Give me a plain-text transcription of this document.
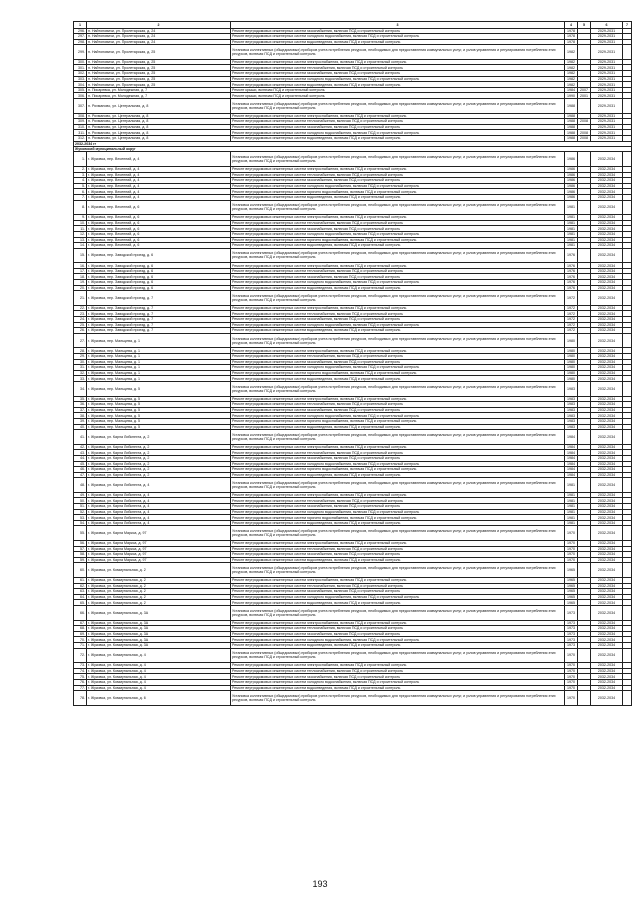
1	2	3	4	5	6	7
296.	п. Найтоповичи, ул. Пролетарская, д. 24	Ремонт внутридомовых инженерных систем газоснабжения, включая ПСД и строительный контроль	1978		2029-2031	
297.	п. Найтоповичи, ул. Пролетарская, д. 24	Ремонт внутридомовых инженерных систем холодного водоснабжения, включая ПСД и строительный контроль	1978		2029-2031	
298.	п. Найтоповичи, ул. Пролетарская, д. 24	Ремонт внутридомовых инженерных систем водоотведения, включая ПСД и строительный контроль	1978		2029-2031	
299.	п. Найтоповичи, ул. Пролетарская, д. 25	Установка коллективных (общедомовых) приборов учета потребления ресурсов, необходимых для предоставления коммунальных услуг, и узлов управления и регулирования потребления этих ресурсов, включая ПСД и строительный контроль	1982		2029-2031	
300.	п. Найтоповичи, ул. Пролетарская, д. 25	Ремонт внутридомовых инженерных систем электроснабжения, включая ПСД и строительный контроль	1982		2029-2031	
301.	п. Найтоповичи, ул. Пролетарская, д. 25	Ремонт внутридомовых инженерных систем теплоснабжения, включая ПСД и строительный контроль	1982		2029-2031	
302.	п. Найтоповичи, ул. Пролетарская, д. 25	Ремонт внутридомовых инженерных систем газоснабжения, включая ПСД и строительный контроль	1982		2029-2031	
303.	п. Найтоповичи, ул. Пролетарская, д. 25	Ремонт внутридомовых инженерных систем холодного водоснабжения, включая ПСД и строительный контроль	1982		2029-2031	
304.	п. Найтоповичи, ул. Пролетарская, д. 25	Ремонт внутридомовых инженерных систем водоотведения, включая ПСД и строительный контроль	1982		2029-2031	
305.	п. Писаревка, ул. Молодежная, д. 7	Ремонт крыши, включая ПСД и строительный контроль	1984	2007	2029-2031	
306.	п. Писаревка, ул. Молодежная, д. 7	Ремонт крыши, включая ПСД и строительный контроль	1990	2001	2029-2031	
307.	п. Рохманово, ул. Центральная, д. 8	Установка коллективных (общедомовых) приборов учета потребления ресурсов, необходимых для предоставления коммунальных услуг, и узлов управления и регулирования потребления этих ресурсов, включая ПСД и строительный контроль	1988		2029-2031	
308.	п. Рохманово, ул. Центральная, д. 8	Ремонт внутридомовых инженерных систем электроснабжения, включая ПСД и строительный контроль	1988		2029-2031	
309.	п. Рохманово, ул. Центральная, д. 8	Ремонт внутридомовых инженерных систем теплоснабжения, включая ПСД и строительный контроль	1988	2008	2029-2031	
310.	п. Рохманово, ул. Центральная, д. 8	Ремонт внутридомовых инженерных систем газоснабжения, включая ПСД и строительный контроль	1988		2029-2031	
311.	п. Рохманово, ул. Центральная, д. 8	Ремонт внутридомовых инженерных систем холодного водоснабжения, включая ПСД и строительный контроль	1988	2008	2029-2031	
312.	п. Рохманово, ул. Центральная, д. 8	Ремонт внутридомовых инженерных систем водоотведения, включая ПСД и строительный контроль	1988	2008	2029-2031	
2032-2034 гг						
Жуковский муниципальный округ						
1.	г. Жуковка, пер. Весенний, д. 4	Установка коллективных (общедомовых) приборов учета потребления ресурсов, необходимых для предоставления коммунальных услуг, и узлов управления и регулирования потребления этих ресурсов, включая ПСД и строительный контроль	1986		2032-2034	
2.	г. Жуковка, пер. Весенний, д. 4	Ремонт внутридомовых инженерных систем электроснабжения, включая ПСД и строительный контроль	1986		2032-2034	
3.	г. Жуковка, пер. Весенний, д. 4	Ремонт внутридомовых инженерных систем теплоснабжения, включая ПСД и строительный контроль	1986		2032-2034	
4.	г. Жуковка, пер. Весенний, д. 4	Ремонт внутридомовых инженерных систем газоснабжения, включая ПСД и строительный контроль	1986		2032-2034	
5.	г. Жуковка, пер. Весенний, д. 4	Ремонт внутридомовых инженерных систем холодного водоснабжения, включая ПСД и строительный контроль	1986		2032-2034	
6.	г. Жуковка, пер. Весенний, д. 4	Ремонт внутридомовых инженерных систем горячего водоснабжения, включая ПСД и строительный контроль	1986		2032-2034	
7.	г. Жуковка, пер. Весенний, д. 4	Ремонт внутридомовых инженерных систем водоотведения, включая ПСД и строительный контроль	1986		2032-2034	
8.	г. Жуковка, пер. Весенний, д. 6	Установка коллективных (общедомовых) приборов учета потребления ресурсов, необходимых для предоставления коммунальных услуг, и узлов управления и регулирования потребления этих ресурсов, включая ПСД и строительный контроль	1981		2032-2034	
9.	г. Жуковка, пер. Весенний, д. 6	Ремонт внутридомовых инженерных систем электроснабжения, включая ПСД и строительный контроль	1981		2032-2034	
10.	г. Жуковка, пер. Весенний, д. 6	Ремонт внутридомовых инженерных систем теплоснабжения, включая ПСД и строительный контроль	1981		2032-2034	
11.	г. Жуковка, пер. Весенний, д. 6	Ремонт внутридомовых инженерных систем газоснабжения, включая ПСД и строительный контроль	1981		2032-2034	
12.	г. Жуковка, пер. Весенний, д. 6	Ремонт внутридомовых инженерных систем холодного водоснабжения, включая ПСД и строительный контроль	1981		2032-2034	
13.	г. Жуковка, пер. Весенний, д. 6	Ремонт внутридомовых инженерных систем горячего водоснабжения, включая ПСД и строительный контроль	1981		2032-2034	
14.	г. Жуковка, пер. Весенний, д. 6	Ремонт внутридомовых инженерных систем водоотведения, включая ПСД и строительный контроль	1981		2032-2034	
15.	г. Жуковка, пер. Заводской проезд, д. 6	Установка коллективных (общедомовых) приборов учета потребления ресурсов, необходимых для предоставления коммунальных услуг, и узлов управления и регулирования потребления этих ресурсов, включая ПСД и строительный контроль	1976		2032-2034	
16.	г. Жуковка, пер. Заводской проезд, д. 6	Ремонт внутридомовых инженерных систем электроснабжения, включая ПСД и строительный контроль	1976		2032-2034	
17.	г. Жуковка, пер. Заводской проезд, д. 6	Ремонт внутридомовых инженерных систем теплоснабжения, включая ПСД и строительный контроль	1976		2032-2034	
18.	г. Жуковка, пер. Заводской проезд, д. 6	Ремонт внутридомовых инженерных систем газоснабжения, включая ПСД и строительный контроль	1976		2032-2034	
19.	г. Жуковка, пер. Заводской проезд, д. 6	Ремонт внутридомовых инженерных систем холодного водоснабжения, включая ПСД и строительный контроль	1976		2032-2034	
20.	г. Жуковка, пер. Заводской проезд, д. 6	Ремонт внутридомовых инженерных систем водоотведения, включая ПСД и строительный контроль	1976		2032-2034	
21.	г. Жуковка, пер. Заводской проезд, д. 7	Установка коллективных (общедомовых) приборов учета потребления ресурсов, необходимых для предоставления коммунальных услуг, и узлов управления и регулирования потребления этих ресурсов, включая ПСД и строительный контроль	1972		2032-2034	
22.	г. Жуковка, пер. Заводской проезд, д. 7	Ремонт внутридомовых инженерных систем электроснабжения, включая ПСД и строительный контроль	1972		2032-2034	
23.	г. Жуковка, пер. Заводской проезд, д. 7	Ремонт внутридомовых инженерных систем теплоснабжения, включая ПСД и строительный контроль	1972		2032-2034	
24.	г. Жуковка, пер. Заводской проезд, д. 7	Ремонт внутридомовых инженерных систем газоснабжения, включая ПСД и строительный контроль	1972		2032-2034	
25.	г. Жуковка, пер. Заводской проезд, д. 7	Ремонт внутридомовых инженерных систем холодного водоснабжения, включая ПСД и строительный контроль	1972		2032-2034	
26.	г. Жуковка, пер. Заводской проезд, д. 7	Ремонт внутридомовых инженерных систем водоотведения, включая ПСД и строительный контроль	1972		2032-2034	
27.	г. Жуковка, пер. Мальцева, д. 1	Установка коллективных (общедомовых) приборов учета потребления ресурсов, необходимых для предоставления коммунальных услуг, и узлов управления и регулирования потребления этих ресурсов, включая ПСД и строительный контроль	1980		2032-2034	
28.	г. Жуковка, пер. Мальцева, д. 1	Ремонт внутридомовых инженерных систем электроснабжения, включая ПСД и строительный контроль	1980		2032-2034	
29.	г. Жуковка, пер. Мальцева, д. 1	Ремонт внутридомовых инженерных систем теплоснабжения, включая ПСД и строительный контроль	1980		2032-2034	
30.	г. Жуковка, пер. Мальцева, д. 1	Ремонт внутридомовых инженерных систем газоснабжения, включая ПСД и строительный контроль	1980		2032-2034	
31.	г. Жуковка, пер. Мальцева, д. 1	Ремонт внутридомовых инженерных систем холодного водоснабжения, включая ПСД и строительный контроль	1980		2032-2034	
32.	г. Жуковка, пер. Мальцева, д. 1	Ремонт внутридомовых инженерных систем горячего водоснабжения, включая ПСД и строительный контроль	1980		2032-2034	
33.	г. Жуковка, пер. Мальцева, д. 1	Ремонт внутридомовых инженерных систем водоотведения, включая ПСД и строительный контроль	1980		2032-2034	
34.	г. Жуковка, пер. Мальцева, д. 5	Установка коллективных (общедомовых) приборов учета потребления ресурсов, необходимых для предоставления коммунальных услуг, и узлов управления и регулирования потребления этих ресурсов, включая ПСД и строительный контроль	1983		2032-2034	
35.	г. Жуковка, пер. Мальцева, д. 5	Ремонт внутридомовых инженерных систем электроснабжения, включая ПСД и строительный контроль	1983		2032-2034	
36.	г. Жуковка, пер. Мальцева, д. 5	Ремонт внутридомовых инженерных систем теплоснабжения, включая ПСД и строительный контроль	1983		2032-2034	
37.	г. Жуковка, пер. Мальцева, д. 5	Ремонт внутридомовых инженерных систем газоснабжения, включая ПСД и строительный контроль	1983		2032-2034	
38.	г. Жуковка, пер. Мальцева, д. 5	Ремонт внутридомовых инженерных систем холодного водоснабжения, включая ПСД и строительный контроль	1983		2032-2034	
39.	г. Жуковка, пер. Мальцева, д. 5	Ремонт внутридомовых инженерных систем горячего водоснабжения, включая ПСД и строительный контроль	1983		2032-2034	
40.	г. Жуковка, пер. Мальцева, д. 5	Ремонт внутридомовых инженерных систем водоотведения, включая ПСД и строительный контроль	1983		2032-2034	
41.	г. Жуковка, ул. Карла Либкнехта, д. 2	Установка коллективных (общедомовых) приборов учета потребления ресурсов, необходимых для предоставления коммунальных услуг, и узлов управления и регулирования потребления этих ресурсов, включая ПСД и строительный контроль	1984		2032-2034	
42.	г. Жуковка, ул. Карла Либкнехта, д. 2	Ремонт внутридомовых инженерных систем электроснабжения, включая ПСД и строительный контроль	1984		2032-2034	
43.	г. Жуковка, ул. Карла Либкнехта, д. 2	Ремонт внутридомовых инженерных систем теплоснабжения, включая ПСД и строительный контроль	1984		2032-2034	
44.	г. Жуковка, ул. Карла Либкнехта, д. 2	Ремонт внутридомовых инженерных систем газоснабжения, включая ПСД и строительный контроль	1984		2032-2034	
45.	г. Жуковка, ул. Карла Либкнехта, д. 2	Ремонт внутридомовых инженерных систем холодного водоснабжения, включая ПСД и строительный контроль	1984		2032-2034	
46.	г. Жуковка, ул. Карла Либкнехта, д. 2	Ремонт внутридомовых инженерных систем горячего водоснабжения, включая ПСД и строительный контроль	1984		2032-2034	
47.	г. Жуковка, ул. Карла Либкнехта, д. 2	Ремонт внутридомовых инженерных систем водоотведения, включая ПСД и строительный контроль	1984		2032-2034	
48.	г. Жуковка, ул. Карла Либкнехта, д. 4	Установка коллективных (общедомовых) приборов учета потребления ресурсов, необходимых для предоставления коммунальных услуг, и узлов управления и регулирования потребления этих ресурсов, включая ПСД и строительный контроль	1981		2032-2034	
49.	г. Жуковка, ул. Карла Либкнехта, д. 4	Ремонт внутридомовых инженерных систем электроснабжения, включая ПСД и строительный контроль	1981		2032-2034	
50.	г. Жуковка, ул. Карла Либкнехта, д. 4	Ремонт внутридомовых инженерных систем теплоснабжения, включая ПСД и строительный контроль	1981		2032-2034	
51.	г. Жуковка, ул. Карла Либкнехта, д. 4	Ремонт внутридомовых инженерных систем газоснабжения, включая ПСД и строительный контроль	1981		2032-2034	
52.	г. Жуковка, ул. Карла Либкнехта, д. 4	Ремонт внутридомовых инженерных систем холодного водоснабжения, включая ПСД и строительный контроль	1981		2032-2034	
53.	г. Жуковка, ул. Карла Либкнехта, д. 4	Ремонт внутридомовых инженерных систем горячего водоснабжения, включая ПСД и строительный контроль	1981		2032-2034	
54.	г. Жуковка, ул. Карла Либкнехта, д. 4	Ремонт внутридомовых инженерных систем водоотведения, включая ПСД и строительный контроль	1981		2032-2034	
55.	г. Жуковка, ул. Карла Маркса, д. 97	Установка коллективных (общедомовых) приборов учета потребления ресурсов, необходимых для предоставления коммунальных услуг, и узлов управления и регулирования потребления этих ресурсов, включая ПСД и строительный контроль	1970		2032-2034	
56.	г. Жуковка, ул. Карла Маркса, д. 97	Ремонт внутридомовых инженерных систем электроснабжения, включая ПСД и строительный контроль	1970		2032-2034	
57.	г. Жуковка, ул. Карла Маркса, д. 97	Ремонт внутридомовых инженерных систем теплоснабжения, включая ПСД и строительный контроль	1970		2032-2034	
58.	г. Жуковка, ул. Карла Маркса, д. 97	Ремонт внутридомовых инженерных систем газоснабжения, включая ПСД и строительный контроль	1970		2032-2034	
59.	г. Жуковка, ул. Карла Маркса, д. 97	Ремонт внутридомовых инженерных систем водоотведения, включая ПСД и строительный контроль	1970		2032-2034	
60.	г. Жуковка, ул. Коммунальная, д. 2	Установка коллективных (общедомовых) приборов учета потребления ресурсов, необходимых для предоставления коммунальных услуг, и узлов управления и регулирования потребления этих ресурсов, включая ПСД и строительный контроль	1965		2032-2034	
61.	г. Жуковка, ул. Коммунальная, д. 2	Ремонт внутридомовых инженерных систем электроснабжения, включая ПСД и строительный контроль	1965		2032-2034	
62.	г. Жуковка, ул. Коммунальная, д. 2	Ремонт внутридомовых инженерных систем теплоснабжения, включая ПСД и строительный контроль	1965		2032-2034	
63.	г. Жуковка, ул. Коммунальная, д. 2	Ремонт внутридомовых инженерных систем газоснабжения, включая ПСД и строительный контроль	1965		2032-2034	
64.	г. Жуковка, ул. Коммунальная, д. 2	Ремонт внутридомовых инженерных систем холодного водоснабжения, включая ПСД и строительный контроль	1965		2032-2034	
65.	г. Жуковка, ул. Коммунальная, д. 2	Ремонт внутридомовых инженерных систем водоотведения, включая ПСД и строительный контроль	1965		2032-2034	
66.	г. Жуковка, ул. Коммунальная, д. 3А	Установка коллективных (общедомовых) приборов учета потребления ресурсов, необходимых для предоставления коммунальных услуг, и узлов управления и регулирования потребления этих ресурсов, включая ПСД и строительный контроль	1973		2032-2034	
67.	г. Жуковка, ул. Коммунальная, д. 3А	Ремонт внутридомовых инженерных систем электроснабжения, включая ПСД и строительный контроль	1973		2032-2034	
68.	г. Жуковка, ул. Коммунальная, д. 3А	Ремонт внутридомовых инженерных систем теплоснабжения, включая ПСД и строительный контроль	1973		2032-2034	
69.	г. Жуковка, ул. Коммунальная, д. 3А	Ремонт внутридомовых инженерных систем газоснабжения, включая ПСД и строительный контроль	1973		2032-2034	
70.	г. Жуковка, ул. Коммунальная, д. 3А	Ремонт внутридомовых инженерных систем холодного водоснабжения, включая ПСД и строительный контроль	1973		2032-2034	
71.	г. Жуковка, ул. Коммунальная, д. 3А	Ремонт внутридомовых инженерных систем водоотведения, включая ПСД и строительный контроль	1973		2032-2034	
72.	г. Жуковка, ул. Коммунальная, д. 4	Установка коллективных (общедомовых) приборов учета потребления ресурсов, необходимых для предоставления коммунальных услуг, и узлов управления и регулирования потребления этих ресурсов, включая ПСД и строительный контроль	1970		2032-2034	
73.	г. Жуковка, ул. Коммунальная, д. 4	Ремонт внутридомовых инженерных систем электроснабжения, включая ПСД и строительный контроль	1970		2032-2034	
74.	г. Жуковка, ул. Коммунальная, д. 4	Ремонт внутридомовых инженерных систем теплоснабжения, включая ПСД и строительный контроль	1970		2032-2034	
75.	г. Жуковка, ул. Коммунальная, д. 4	Ремонт внутридомовых инженерных систем газоснабжения, включая ПСД и строительный контроль	1970		2032-2034	
76.	г. Жуковка, ул. Коммунальная, д. 4	Ремонт внутридомовых инженерных систем холодного водоснабжения, включая ПСД и строительный контроль	1970		2032-2034	
77.	г. Жуковка, ул. Коммунальная, д. 4	Ремонт внутридомовых инженерных систем водоотведения, включая ПСД и строительный контроль	1970		2032-2034	
78.	г. Жуковка, ул. Коммунальная, д. 6	Установка коллективных (общедомовых) приборов учета потребления ресурсов, необходимых для предоставления коммунальных услуг, и узлов управления и регулирования потребления этих ресурсов, включая ПСД и строительный контроль	1970		2032-2034	
193
